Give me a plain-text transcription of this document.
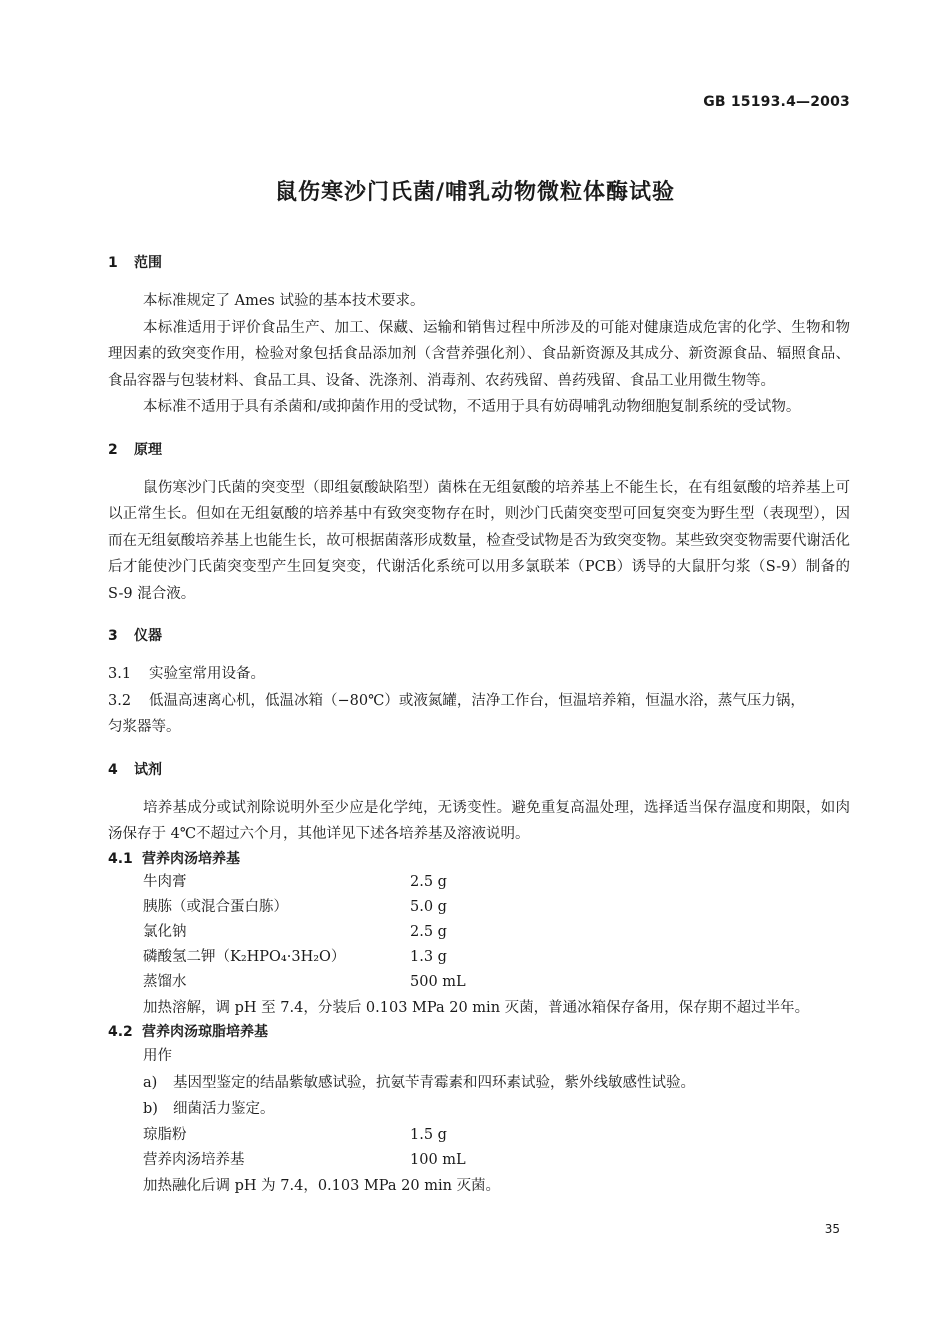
GB 15193.4—2003
鼠伤寒沙门氏菌/哺乳动物微粒体酶试验
1 范围

本标准规定了 Ames 试验的基本技术要求。

本标准适用于评价食品生产、加工、保藏、运输和销售过程中所涉及的可能对健康造成危害的化学、生物和物理因素的致突变作用，检验对象包括食品添加剂（含营养强化剂）、食品新资源及其成分、新资源食品、辐照食品、食品容器与包装材料、食品工具、设备、洗涤剂、消毒剂、农药残留、兽药残留、食品工业用微生物等。

本标准不适用于具有杀菌和/或抑菌作用的受试物，不适用于具有妨碍哺乳动物细胞复制系统的受试物。

2 原理

鼠伤寒沙门氏菌的突变型（即组氨酸缺陷型）菌株在无组氨酸的培养基上不能生长，在有组氨酸的培养基上可以正常生长。但如在无组氨酸的培养基中有致突变物存在时，则沙门氏菌突变型可回复突变为野生型（表现型），因而在无组氨酸培养基上也能生长，故可根据菌落形成数量，检查受试物是否为致突变物。某些致突变物需要代谢活化后才能使沙门氏菌突变型产生回复突变，代谢活化系统可以用多氯联苯（PCB）诱导的大鼠肝匀浆（S-9）制备的 S-9 混合液。

3 仪器

3.1 实验室常用设备。

3.2 低温高速离心机，低温冰箱（−80℃）或液氮罐，洁净工作台，恒温培养箱，恒温水浴，蒸气压力锅，

匀浆器等。

4 试剂

培养基成分或试剂除说明外至少应是化学纯，无诱变性。避免重复高温处理，选择适当保存温度和期限，如肉汤保存于 4℃不超过六个月，其他详见下述各培养基及溶液说明。

4.1 营养肉汤培养基
牛肉膏	2.5 g
胰胨（或混合蛋白胨）	5.0 g
氯化钠	2.5 g
磷酸氢二钾（K₂HPO₄·3H₂O）	1.3 g
蒸馏水	500 mL

加热溶解，调 pH 至 7.4，分装后 0.103 MPa 20 min 灭菌，普通冰箱保存备用，保存期不超过半年。

4.2 营养肉汤琼脂培养基
用作
a) 基因型鉴定的结晶紫敏感试验，抗氨苄青霉素和四环素试验，紫外线敏感性试验。
b) 细菌活力鉴定。
琼脂粉	1.5 g
营养肉汤培养基	100 mL
加热融化后调 pH 为 7.4，0.103 MPa 20 min 灭菌。
35
